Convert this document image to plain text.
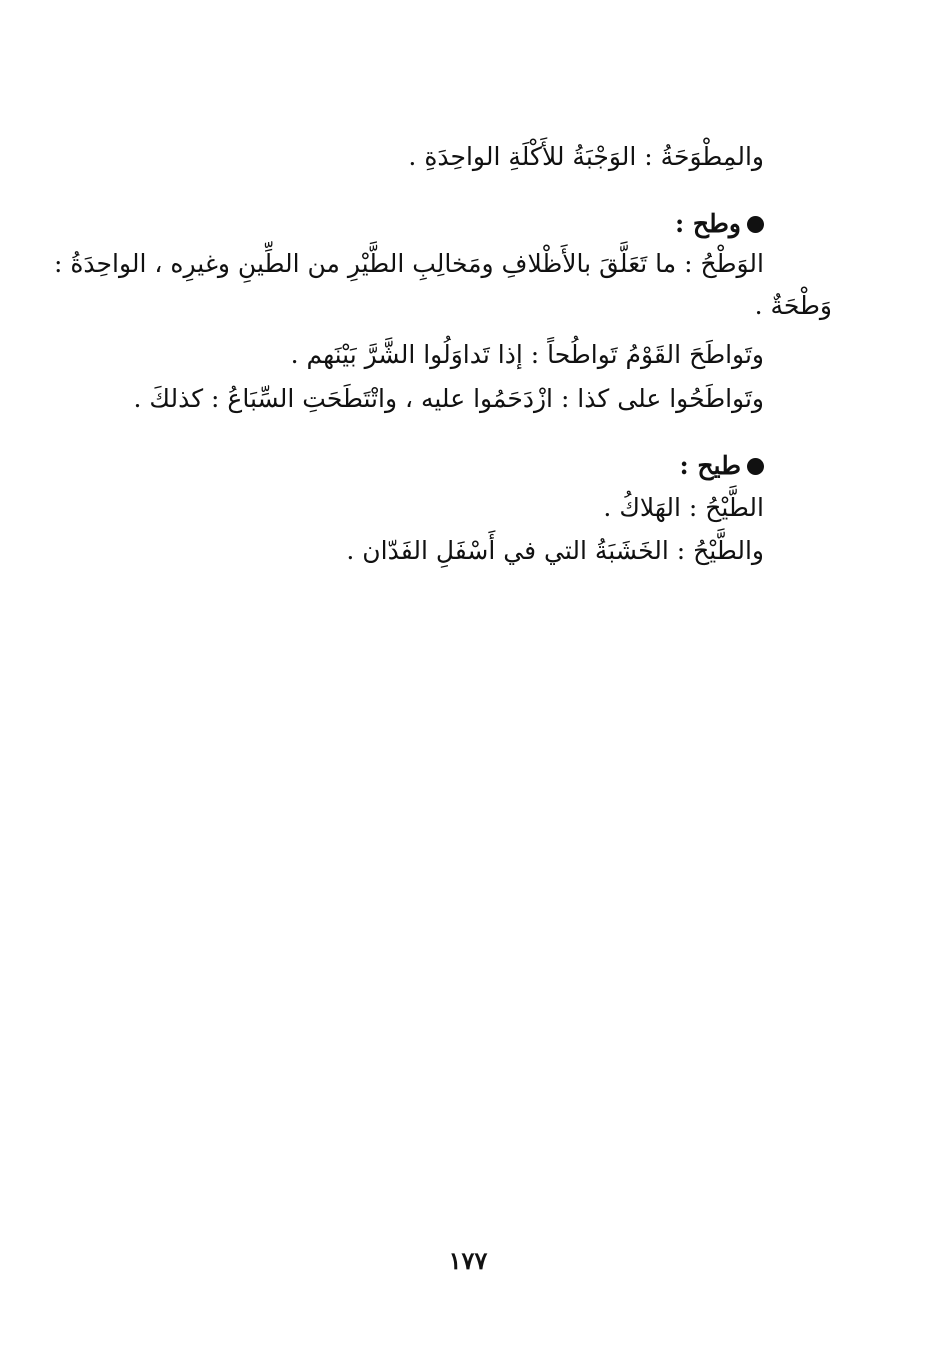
والمِطْوَحَةُ : الوَجْبَةُ للأَكْلَةِ الواحِدَةِ .
وطح :
الوَطْحُ : ما تَعَلَّقَ بالأَظْلافِ ومَخالِبِ الطَّيْرِ من الطِّينِ وغيرِه ، الواحِدَةُ :
وَطْحَةٌ .
وتَواطَحَ القَوْمُ تَواطُحاً : إذا تَداوَلُوا الشَّرَّ بَيْنَهم .
وتَواطَحُوا على كذا : ازْدَحَمُوا عليه ، واتْتَطَحَتِ السِّبَاعُ : كذلكَ .
طيح :
الطَّيْحُ : الهَلاكُ .
والطَّيْحُ : الخَشَبَةُ التي في أَسْفَلِ الفَدّان .
١٧٧
